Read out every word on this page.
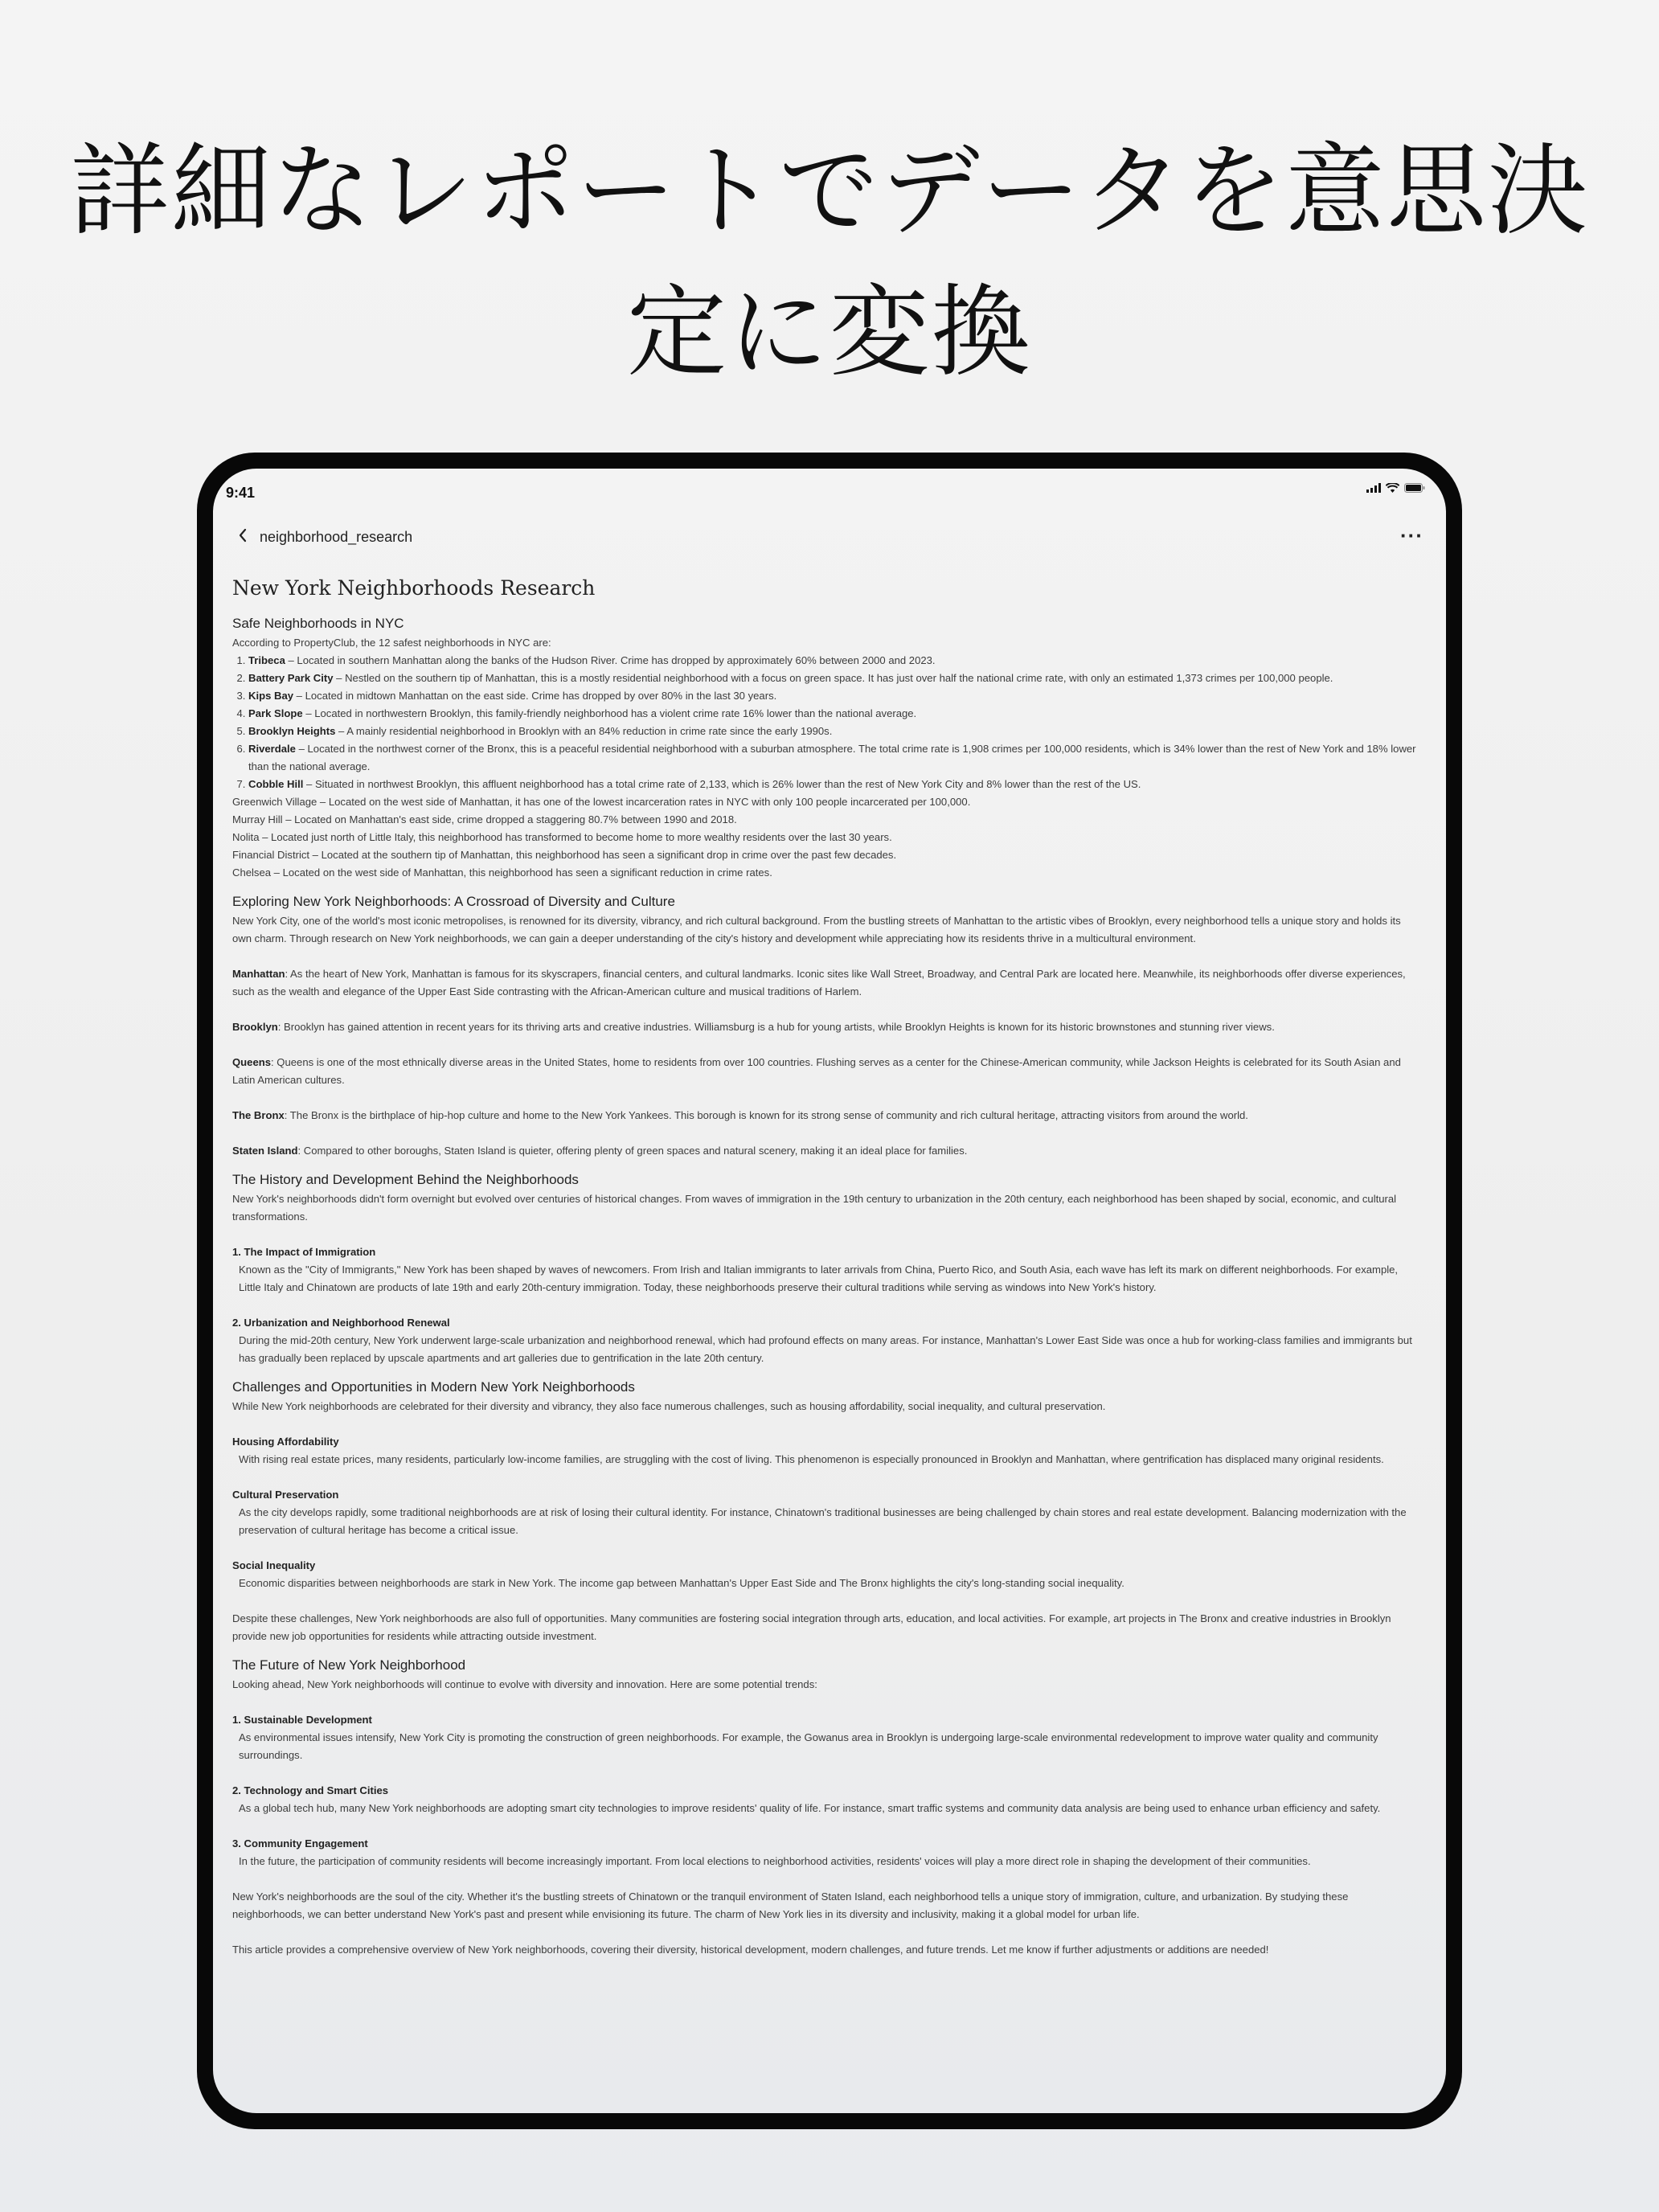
詳細なレポートでデータを意思決
定に変換
9:41
neighborhood_research	···
New York Neighborhoods Research
Safe Neighborhoods in NYC

According to PropertyClub, the 12 safest neighborhoods in NYC are:

1. Tribeca – Located in southern Manhattan along the banks of the Hudson River. Crime has dropped by approximately 60% between 2000 and 2023.
2. Battery Park City – Nestled on the southern tip of Manhattan, this is a mostly residential neighborhood with a focus on green space. It has just over half the national crime rate, with only an estimated 1,373 crimes per 100,000 people.
3. Kips Bay – Located in midtown Manhattan on the east side. Crime has dropped by over 80% in the last 30 years.
4. Park Slope – Located in northwestern Brooklyn, this family-friendly neighborhood has a violent crime rate 16% lower than the national average.
5. Brooklyn Heights – A mainly residential neighborhood in Brooklyn with an 84% reduction in crime rate since the early 1990s.
6. Riverdale – Located in the northwest corner of the Bronx, this is a peaceful residential neighborhood with a suburban atmosphere. The total crime rate is 1,908 crimes per 100,000 residents, which is 34% lower than the rest of New York and 18% lower than the national average.
7. Cobble Hill – Situated in northwest Brooklyn, this affluent neighborhood has a total crime rate of 2,133, which is 26% lower than the rest of New York City and 8% lower than the rest of the US.

Greenwich Village – Located on the west side of Manhattan, it has one of the lowest incarceration rates in NYC with only 100 people incarcerated per 100,000.

Murray Hill – Located on Manhattan's east side, crime dropped a staggering 80.7% between 1990 and 2018.

Nolita – Located just north of Little Italy, this neighborhood has transformed to become home to more wealthy residents over the last 30 years.

Financial District – Located at the southern tip of Manhattan, this neighborhood has seen a significant drop in crime over the past few decades.

Chelsea – Located on the west side of Manhattan, this neighborhood has seen a significant reduction in crime rates.

Exploring New York Neighborhoods: A Crossroad of Diversity and Culture

New York City, one of the world's most iconic metropolises, is renowned for its diversity, vibrancy, and rich cultural background. From the bustling streets of Manhattan to the artistic vibes of Brooklyn, every neighborhood tells a unique story and holds its own charm. Through research on New York neighborhoods, we can gain a deeper understanding of the city's history and development while appreciating how its residents thrive in a multicultural environment.

Manhattan: As the heart of New York, Manhattan is famous for its skyscrapers, financial centers, and cultural landmarks. Iconic sites like Wall Street, Broadway, and Central Park are located here. Meanwhile, its neighborhoods offer diverse experiences, such as the wealth and elegance of the Upper East Side contrasting with the African-American culture and musical traditions of Harlem.

Brooklyn: Brooklyn has gained attention in recent years for its thriving arts and creative industries. Williamsburg is a hub for young artists, while Brooklyn Heights is known for its historic brownstones and stunning river views.

Queens: Queens is one of the most ethnically diverse areas in the United States, home to residents from over 100 countries. Flushing serves as a center for the Chinese-American community, while Jackson Heights is celebrated for its South Asian and Latin American cultures.

The Bronx: The Bronx is the birthplace of hip-hop culture and home to the New York Yankees. This borough is known for its strong sense of community and rich cultural heritage, attracting visitors from around the world.

Staten Island: Compared to other boroughs, Staten Island is quieter, offering plenty of green spaces and natural scenery, making it an ideal place for families.

The History and Development Behind the Neighborhoods

New York's neighborhoods didn't form overnight but evolved over centuries of historical changes. From waves of immigration in the 19th century to urbanization in the 20th century, each neighborhood has been shaped by social, economic, and cultural transformations.

1. The Impact of Immigration

Known as the "City of Immigrants," New York has been shaped by waves of newcomers. From Irish and Italian immigrants to later arrivals from China, Puerto Rico, and South Asia, each wave has left its mark on different neighborhoods. For example, Little Italy and Chinatown are products of late 19th and early 20th-century immigration. Today, these neighborhoods preserve their cultural traditions while serving as windows into New York's history.

2. Urbanization and Neighborhood Renewal

During the mid-20th century, New York underwent large-scale urbanization and neighborhood renewal, which had profound effects on many areas. For instance, Manhattan's Lower East Side was once a hub for working-class families and immigrants but has gradually been replaced by upscale apartments and art galleries due to gentrification in the late 20th century.

Challenges and Opportunities in Modern New York Neighborhoods

While New York neighborhoods are celebrated for their diversity and vibrancy, they also face numerous challenges, such as housing affordability, social inequality, and cultural preservation.

Housing Affordability

With rising real estate prices, many residents, particularly low-income families, are struggling with the cost of living. This phenomenon is especially pronounced in Brooklyn and Manhattan, where gentrification has displaced many original residents.

Cultural Preservation

As the city develops rapidly, some traditional neighborhoods are at risk of losing their cultural identity. For instance, Chinatown's traditional businesses are being challenged by chain stores and real estate development. Balancing modernization with the preservation of cultural heritage has become a critical issue.

Social Inequality

Economic disparities between neighborhoods are stark in New York. The income gap between Manhattan's Upper East Side and The Bronx highlights the city's long-standing social inequality.

Despite these challenges, New York neighborhoods are also full of opportunities. Many communities are fostering social integration through arts, education, and local activities. For example, art projects in The Bronx and creative industries in Brooklyn provide new job opportunities for residents while attracting outside investment.

The Future of New York Neighborhood

Looking ahead, New York neighborhoods will continue to evolve with diversity and innovation. Here are some potential trends:

1. Sustainable Development

As environmental issues intensify, New York City is promoting the construction of green neighborhoods. For example, the Gowanus area in Brooklyn is undergoing large-scale environmental redevelopment to improve water quality and community surroundings.

2. Technology and Smart Cities

As a global tech hub, many New York neighborhoods are adopting smart city technologies to improve residents' quality of life. For instance, smart traffic systems and community data analysis are being used to enhance urban efficiency and safety.

3. Community Engagement

In the future, the participation of community residents will become increasingly important. From local elections to neighborhood activities, residents' voices will play a more direct role in shaping the development of their communities.

New York's neighborhoods are the soul of the city. Whether it's the bustling streets of Chinatown or the tranquil environment of Staten Island, each neighborhood tells a unique story of immigration, culture, and urbanization. By studying these neighborhoods, we can better understand New York's past and present while envisioning its future. The charm of New York lies in its diversity and inclusivity, making it a global model for urban life.

This article provides a comprehensive overview of New York neighborhoods, covering their diversity, historical development, modern challenges, and future trends. Let me know if further adjustments or additions are needed!
